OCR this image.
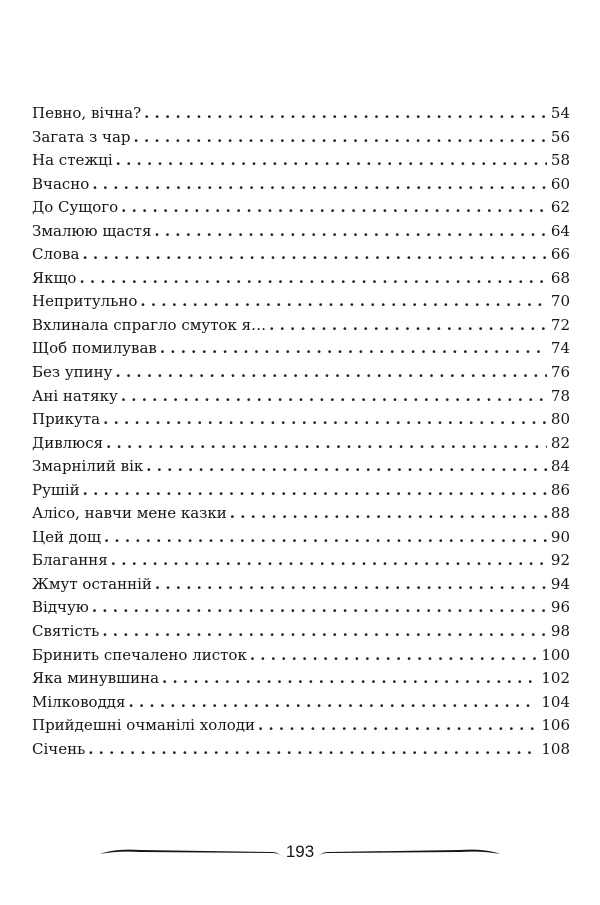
Певно, вічна? . .	54
Загата з чар . .	56
На стежці . .	58
Вчасно . .	60
До Сущого . .	62
Змалюю щастя . .	64
Слова . .	66
Якщо . .	68
Непритульно . .	70
Вхлинала спрагло смуток я… . .	72
Щоб помилував . .	74
Без упину . .	76
Ані натяку . .	78
Прикута . .	80
Дивлюся . .	82
Змарнілий вік . .	84
Рушій . .	86
Алісо, навчи мене казки . .	88
Цей дощ . .	90
Благання . .	92
Жмут останній . .	94
Відчую . .	96
Святість . .	98
Бринить спечалено листок . .	100
Яка минувшина . .	102
Мілководдя . .	104
Прийдешні очманілі холоди . .	106
Січень . .	108
193
